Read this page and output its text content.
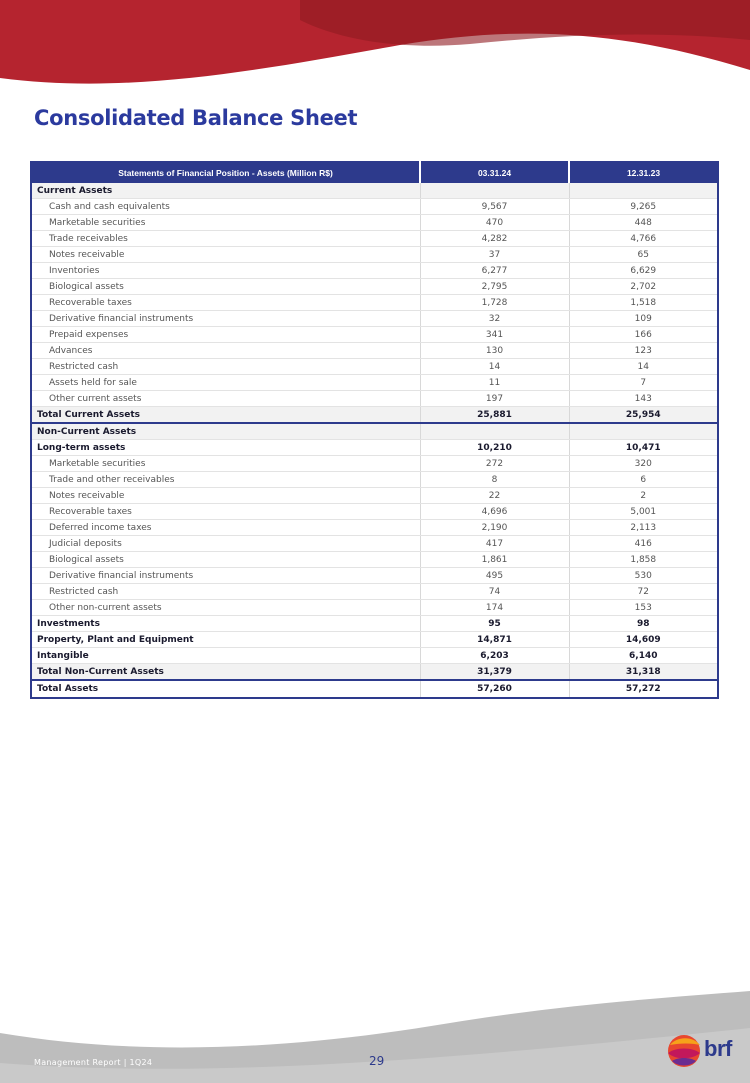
Consolidated Balance Sheet
Statements of Financial Position - Assets (Million R$)	03.31.24	12.31.23
Current Assets		
Cash and cash equivalents	9,567	9,265
Marketable securities	470	448
Trade receivables	4,282	4,766
Notes receivable	37	65
Inventories	6,277	6,629
Biological assets	2,795	2,702
Recoverable taxes	1,728	1,518
Derivative financial instruments	32	109
Prepaid expenses	341	166
Advances	130	123
Restricted cash	14	14
Assets held for sale	11	7
Other current assets	197	143
Total Current Assets	25,881	25,954
Non-Current Assets		
Long-term assets	10,210	10,471
Marketable securities	272	320
Trade and other receivables	8	6
Notes receivable	22	2
Recoverable taxes	4,696	5,001
Deferred income taxes	2,190	2,113
Judicial deposits	417	416
Biological assets	1,861	1,858
Derivative financial instruments	495	530
Restricted cash	74	72
Other non-current assets	174	153
Investments	95	98
Property, Plant and Equipment	14,871	14,609
Intangible	6,203	6,140
Total Non-Current Assets	31,379	31,318
Total Assets	57,260	57,272
Management Report | 1Q24	29	brf
